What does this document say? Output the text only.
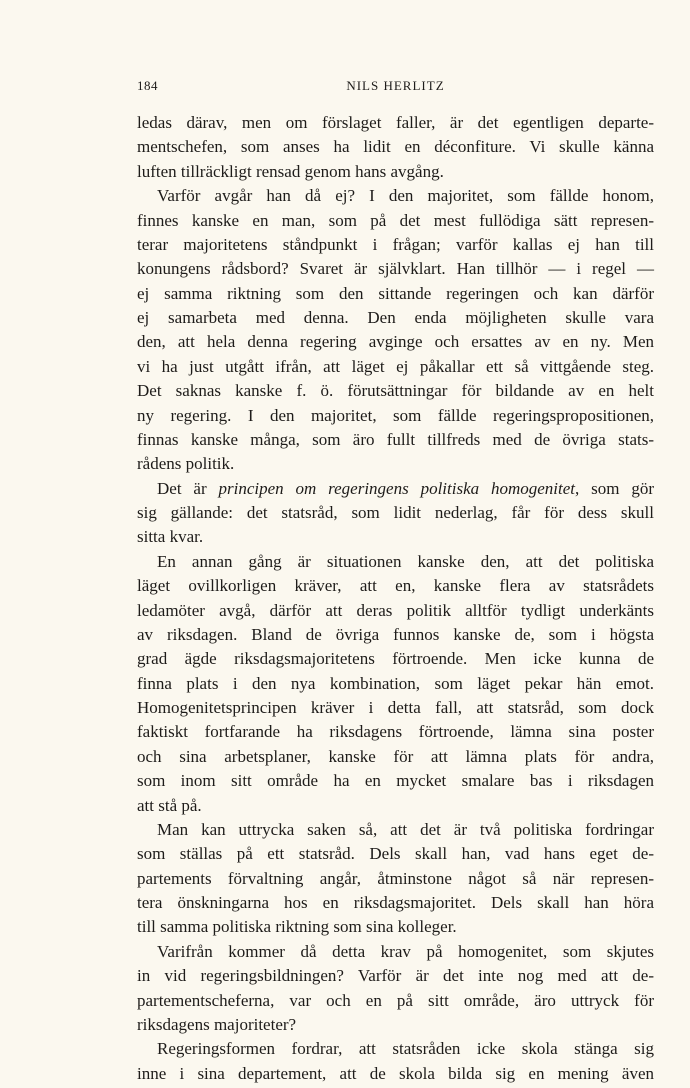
184	NILS HERLITZ
ledas därav, men om förslaget faller, är det egentligen departe-
mentschefen, som anses ha lidit en déconfiture. Vi skulle känna
luften tillräckligt rensad genom hans avgång.
Varför avgår han då ej? I den majoritet, som fällde honom,
finnes kanske en man, som på det mest fullödiga sätt represen-
terar majoritetens ståndpunkt i frågan; varför kallas ej han till
konungens rådsbord? Svaret är självklart. Han tillhör — i regel —
ej samma riktning som den sittande regeringen och kan därför
ej samarbeta med denna. Den enda möjligheten skulle vara
den, att hela denna regering avginge och ersattes av en ny. Men
vi ha just utgått ifrån, att läget ej påkallar ett så vittgående steg.
Det saknas kanske f. ö. förutsättningar för bildande av en helt
ny regering. I den majoritet, som fällde regeringspropositionen,
finnas kanske många, som äro fullt tillfreds med de övriga stats-
rådens politik.
Det är principen om regeringens politiska homogenitet, som gör
sig gällande: det statsråd, som lidit nederlag, får för dess skull
sitta kvar.
En annan gång är situationen kanske den, att det politiska
läget ovillkorligen kräver, att en, kanske flera av statsrådets
ledamöter avgå, därför att deras politik alltför tydligt underkänts
av riksdagen. Bland de övriga funnos kanske de, som i högsta
grad ägde riksdagsmajoritetens förtroende. Men icke kunna de
finna plats i den nya kombination, som läget pekar hän emot.
Homogenitetsprincipen kräver i detta fall, att statsråd, som dock
faktiskt fortfarande ha riksdagens förtroende, lämna sina poster
och sina arbetsplaner, kanske för att lämna plats för andra,
som inom sitt område ha en mycket smalare bas i riksdagen
att stå på.
Man kan uttrycka saken så, att det är två politiska fordringar
som ställas på ett statsråd. Dels skall han, vad hans eget de-
partements förvaltning angår, åtminstone något så när represen-
tera önskningarna hos en riksdagsmajoritet. Dels skall han höra
till samma politiska riktning som sina kolleger.
Varifrån kommer då detta krav på homogenitet, som skjutes
in vid regeringsbildningen? Varför är det inte nog med att de-
partementscheferna, var och en på sitt område, äro uttryck för
riksdagens majoriteter?
Regeringsformen fordrar, att statsråden icke skola stänga sig
inne i sina departement, att de skola bilda sig en mening även
